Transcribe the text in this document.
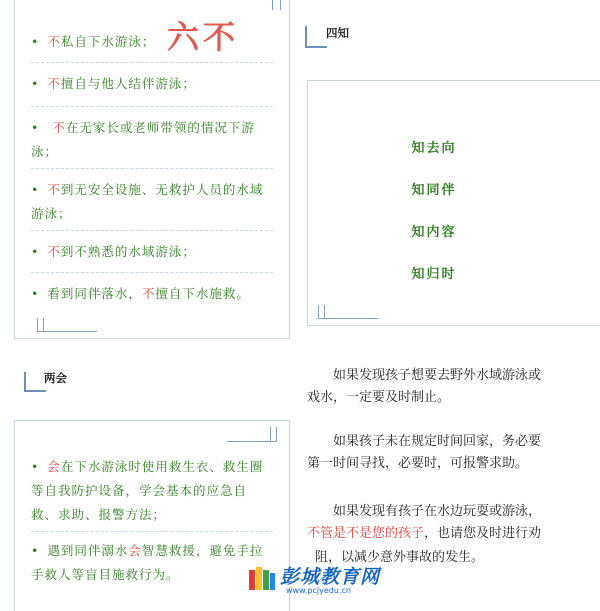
六不
• 不私自下水游泳；
• 不擅自与他人结伴游泳；
• 不在无家长或老师带领的情况下游
泳；
• 不到无安全设施、无救护人员的水域
游泳；
• 不到不熟悉的水域游泳；
• 看到同伴落水，不擅自下水施救。
四知
知去向
知同伴
知内容
知归时
两会
• 会在下水游泳时使用救生衣、救生圈
等自我防护设备，学会基本的应急自
救、求助、报警方法；
• 遇到同伴溺水会智慧救援，避免手拉
手救人等盲目施救行为。
如果发现孩子想要去野外水域游泳或
戏水，一定要及时制止。
如果孩子未在规定时间回家，务必要
第一时间寻找，必要时，可报警求助。
如果发现有孩子在水边玩耍或游泳，
不管是不是您的孩子，也请您及时进行劝
阻，以减少意外事故的发生。
彭城教育网
www.pcjyedu.cn
